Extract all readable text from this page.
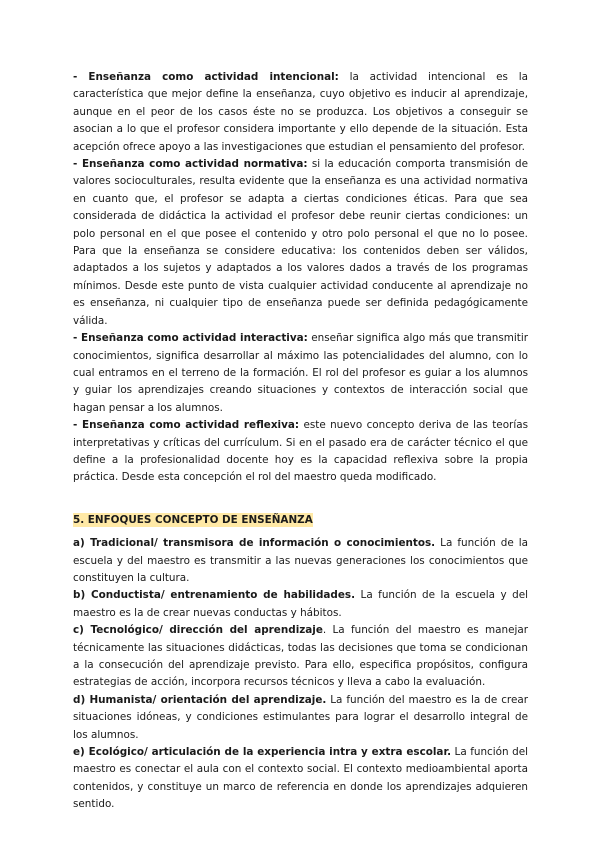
- Enseñanza como actividad intencional: la actividad intencional es la característica que mejor define la enseñanza, cuyo objetivo es inducir al aprendizaje, aunque en el peor de los casos éste no se produzca. Los objetivos a conseguir se asocian a lo que el profesor considera importante y ello depende de la situación. Esta acepción ofrece apoyo a las investigaciones que estudian el pensamiento del profesor.

- Enseñanza como actividad normativa: si la educación comporta transmisión de valores socioculturales, resulta evidente que la enseñanza es una actividad normativa en cuanto que, el profesor se adapta a ciertas condiciones éticas. Para que sea considerada de didáctica la actividad el profesor debe reunir ciertas condiciones: un polo personal en el que posee el contenido y otro polo personal el que no lo posee. Para que la enseñanza se considere educativa: los contenidos deben ser válidos, adaptados a los sujetos y adaptados a los valores dados a través de los programas mínimos. Desde este punto de vista cualquier actividad conducente al aprendizaje no es enseñanza, ni cualquier tipo de enseñanza puede ser definida pedagógicamente válida.

- Enseñanza como actividad interactiva: enseñar significa algo más que transmitir conocimientos, significa desarrollar al máximo las potencialidades del alumno, con lo cual entramos en el terreno de la formación. El rol del profesor es guiar a los alumnos y guiar los aprendizajes creando situaciones y contextos de interacción social que hagan pensar a los alumnos.

- Enseñanza como actividad reflexiva: este nuevo concepto deriva de las teorías interpretativas y críticas del currículum. Si en el pasado era de carácter técnico el que define a la profesionalidad docente hoy es la capacidad reflexiva sobre la propia práctica. Desde esta concepción el rol del maestro queda modificado.

5. ENFOQUES CONCEPTO DE ENSEÑANZA

a) Tradicional/ transmisora de información o conocimientos. La función de la escuela y del maestro es transmitir a las nuevas generaciones los conocimientos que constituyen la cultura.

b) Conductista/ entrenamiento de habilidades. La función de la escuela y del maestro es la de crear nuevas conductas y hábitos.

c) Tecnológico/ dirección del aprendizaje. La función del maestro es manejar técnicamente las situaciones didácticas, todas las decisiones que toma se condicionan a la consecución del aprendizaje previsto. Para ello, especifica propósitos, configura estrategias de acción, incorpora recursos técnicos y lleva a cabo la evaluación.

d) Humanista/ orientación del aprendizaje. La función del maestro es la de crear situaciones idóneas, y condiciones estimulantes para lograr el desarrollo integral de los alumnos.

e) Ecológico/ articulación de la experiencia intra y extra escolar. La función del maestro es conectar el aula con el contexto social. El contexto medioambiental aporta contenidos, y constituye un marco de referencia en donde los aprendizajes adquieren sentido.
